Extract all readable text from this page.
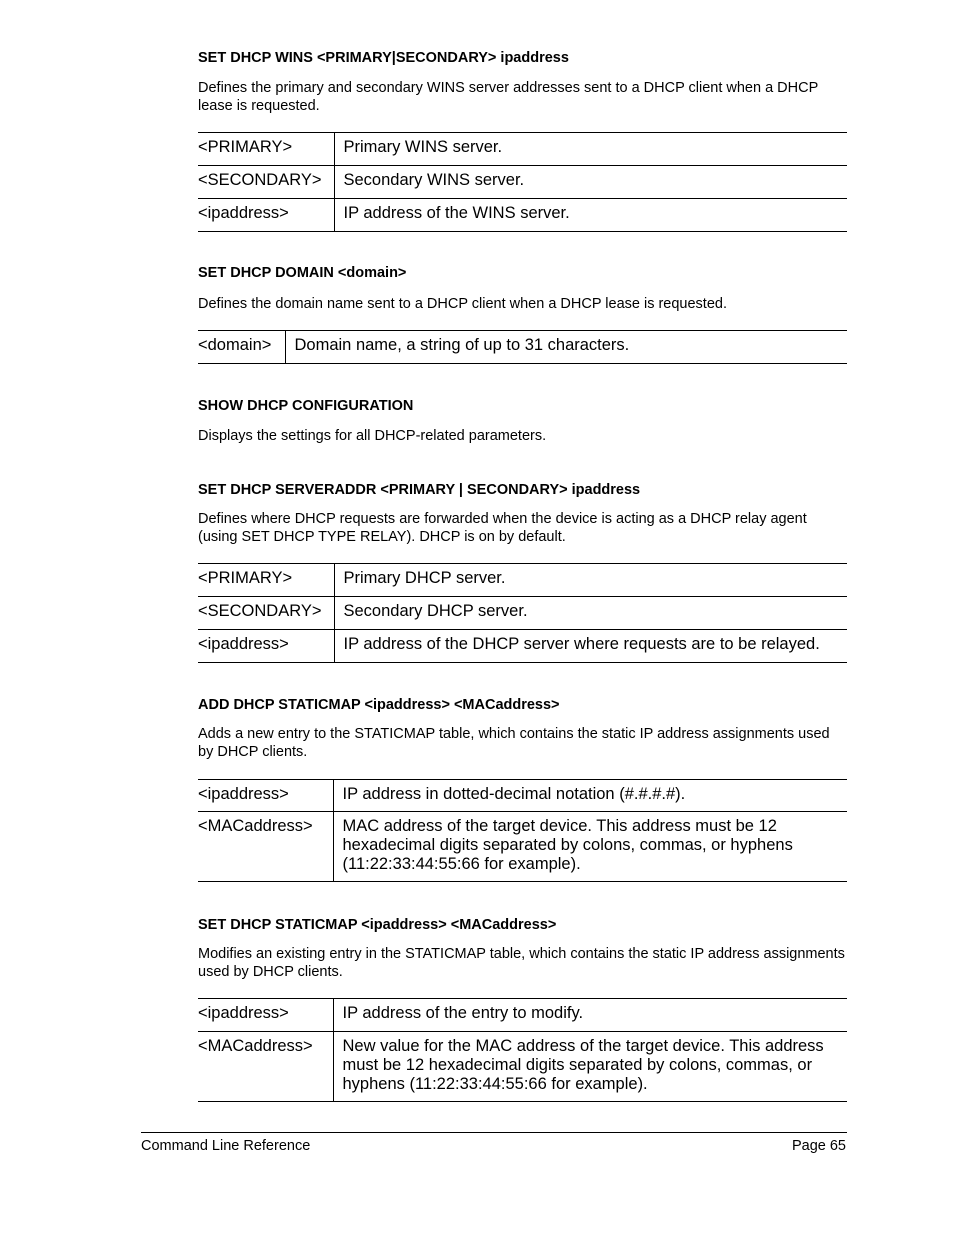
SET DHCP WINS <PRIMARY|SECONDARY> ipaddress
Defines the primary and secondary WINS server addresses sent to a DHCP client when a DHCP lease is requested.
<PRIMARY>	Primary WINS server.
<SECONDARY>	Secondary WINS server.
<ipaddress>	IP address of the WINS server.
SET DHCP DOMAIN <domain>
Defines the domain name sent to a DHCP client when a DHCP lease is requested.
<domain>	Domain name, a string of up to 31 characters.
SHOW DHCP CONFIGURATION
Displays the settings for all DHCP-related parameters.
SET DHCP SERVERADDR <PRIMARY | SECONDARY> ipaddress
Defines where DHCP requests are forwarded when the device is acting as a DHCP relay agent (using SET DHCP TYPE RELAY). DHCP is on by default.
<PRIMARY>	Primary DHCP server.
<SECONDARY>	Secondary DHCP server.
<ipaddress>	IP address of the DHCP server where requests are to be relayed.
ADD DHCP STATICMAP <ipaddress> <MACaddress>
Adds a new entry to the STATICMAP table, which contains the static IP address assignments used by DHCP clients.
<ipaddress>	IP address in dotted-decimal notation (#.#.#.#).
<MACaddress>	MAC address of the target device. This address must be 12 hexadecimal digits separated by colons, commas, or hyphens (11:22:33:44:55:66 for example).
SET DHCP STATICMAP <ipaddress> <MACaddress>
Modifies an existing entry in the STATICMAP table, which contains the static IP address assignments used by DHCP clients.
<ipaddress>	IP address of the entry to modify.
<MACaddress>	New value for the MAC address of the target device. This address must be 12 hexadecimal digits separated by colons, commas, or hyphens (11:22:33:44:55:66 for example).
Command Line Reference	Page 65
